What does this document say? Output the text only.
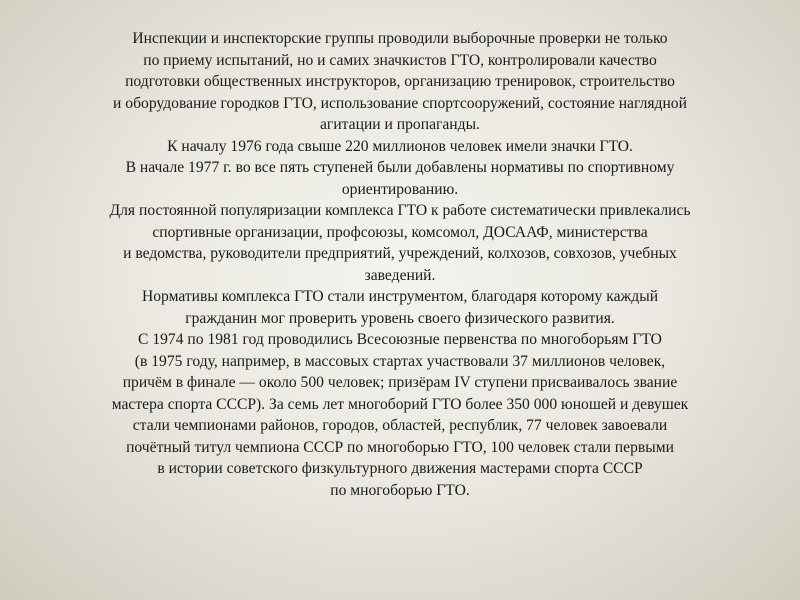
Инспекции и инспекторские группы проводили выборочные проверки не только
по приему испытаний, но и самих значкистов ГТО, контролировали качество
подготовки общественных инструкторов, организацию тренировок, строительство
и оборудование городков ГТО, использование спортсооружений, состояние наглядной
агитации и пропаганды.
К началу 1976 года свыше 220 миллионов человек имели значки ГТО.
В начале 1977 г. во все пять ступеней были добавлены нормативы по спортивному
ориентированию.
Для постоянной популяризации комплекса ГТО к работе систематически привлекались
спортивные организации, профсоюзы, комсомол, ДОСААФ, министерства
и ведомства, руководители предприятий, учреждений, колхозов, совхозов, учебных
заведений.
Нормативы комплекса ГТО стали инструментом, благодаря которому каждый
гражданин мог проверить уровень своего физического развития.
С 1974 по 1981 год проводились Всесоюзные первенства по многоборьям ГТО
(в 1975 году, например, в массовых стартах участвовали 37 миллионов человек,
причём в финале — около 500 человек; призёрам IV ступени присваивалось звание
мастера спорта СССР). За семь лет многоборий ГТО более 350 000 юношей и девушек
стали чемпионами районов, городов, областей, республик, 77 человек завоевали
почётный титул чемпиона СССР по многоборью ГТО, 100 человек стали первыми
в истории советского физкультурного движения мастерами спорта СССР
по многоборью ГТО.
